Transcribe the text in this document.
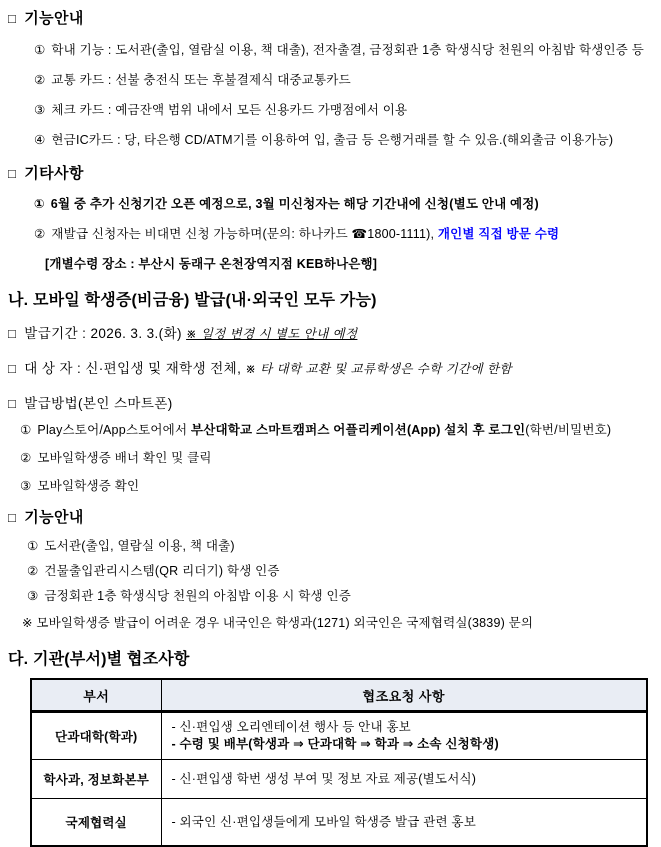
□ 기능안내
① 학내 기능 : 도서관(출입, 열람실 이용, 책 대출), 전자출결, 금정회관 1층 학생식당 천원의 아침밥 학생인증 등
② 교통 카드 : 선불 충전식 또는 후불결제식 대중교통카드
③ 체크 카드 : 예금잔액 범위 내에서 모든 신용카드 가맹점에서 이용
④ 현금IC카드 : 당, 타은행 CD/ATM기를 이용하여 입, 출금 등 은행거래를 할 수 있음.(해외출금 이용가능)
□ 기타사항
① 6월 중 추가 신청기간 오픈 예정으로, 3월 미신청자는 해당 기간내에 신청(별도 안내 예정)
② 재발급 신청자는 비대면 신청 가능하며(문의: 하나카드 ☎1800-1111), 개인별 직접 방문 수령
[개별수령 장소 : 부산시 동래구 온천장역지점 KEB하나은행]
나. 모바일 학생증(비금융) 발급(내·외국인 모두 가능)
□ 발급기간 : 2026. 3. 3.(화) ※ 일정 변경 시 별도 안내 예정
□ 대 상 자 : 신·편입생 및 재학생 전체, ※ 타 대학 교환 및 교류학생은 수학 기간에 한함
□ 발급방법(본인 스마트폰)
① Play스토어/App스토어에서 부산대학교 스마트캠퍼스 어플리케이션(App) 설치 후 로그인(학번/비밀번호)
② 모바일학생증 배너 확인 및 클릭
③ 모바일학생증 확인
□ 기능안내
① 도서관(출입, 열람실 이용, 책 대출)
② 건물출입관리시스템(QR 리더기) 학생 인증
③ 금정회관 1층 학생식당 천원의 아침밥 이용 시 학생 인증
※ 모바일학생증 발급이 어려운 경우 내국인은 학생과(1271) 외국인은 국제협력실(3839) 문의
다. 기관(부서)별 협조사항
부서	협조요청 사항
단과대학(학과)	- 신·편입생 오리엔테이션 행사 등 안내 홍보
- 수령 및 배부(학생과 ⇒ 단과대학 ⇒ 학과 ⇒ 소속 신청학생)

학사과, 정보화본부	- 신·편입생 학번 생성 부여 및 정보 자료 제공(별도서식)

국제협력실	- 외국인 신·편입생들에게 모바일 학생증 발급 관련 홍보
